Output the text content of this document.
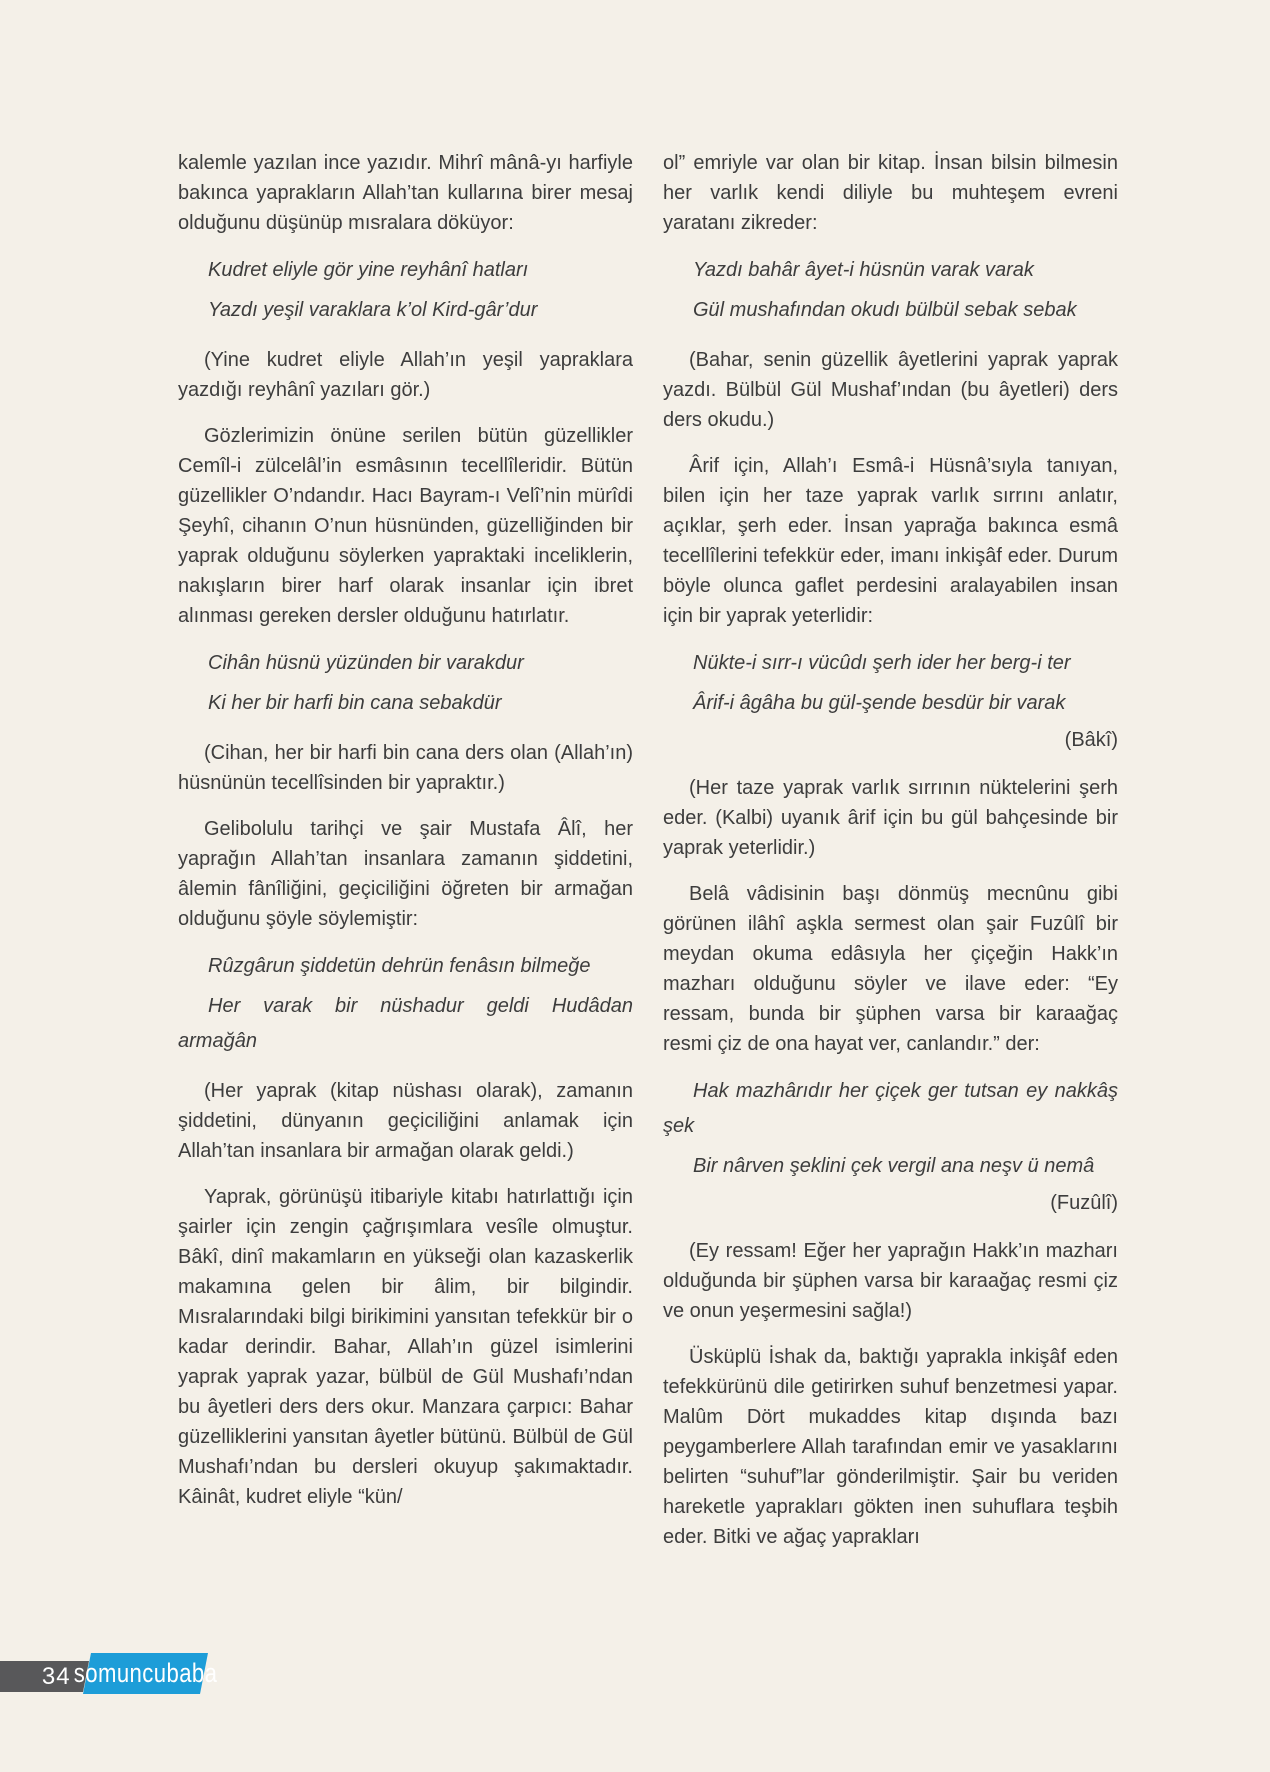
kalemle yazılan ince yazıdır. Mihrî mânâ-yı harfiyle bakınca yaprakların Allah’tan kullarına birer mesaj olduğunu düşünüp mısralara döküyor:

Kudret eliyle gör yine reyhânî hatları

Yazdı yeşil varaklara k’ol Kird-gâr’dur

(Yine kudret eliyle Allah’ın yeşil yapraklara yazdığı reyhânî yazıları gör.)

Gözlerimizin önüne serilen bütün güzellikler Cemîl-i zülcelâl’in esmâsının tecellîleridir. Bütün güzellikler O’ndandır. Hacı Bayram-ı Velî’nin mürîdi Şeyhî, cihanın O’nun hüsnünden, güzelliğinden bir yaprak olduğunu söylerken yapraktaki inceliklerin, nakışların birer harf olarak insanlar için ibret alınması gereken dersler olduğunu hatırlatır.

Cihân hüsnü yüzünden bir varakdur

Ki her bir harfi bin cana sebakdür

(Cihan, her bir harfi bin cana ders olan (Allah’ın) hüsnünün tecellîsinden bir yapraktır.)

Gelibolulu tarihçi ve şair Mustafa Âlî, her yaprağın Allah’tan insanlara zamanın şiddetini, âlemin fânîliğini, geçiciliğini öğreten bir armağan olduğunu şöyle söylemiştir:

Rûzgârun şiddetün dehrün fenâsın bilmeğe

Her varak bir nüshadur geldi Hudâdan

armağân

(Her yaprak (kitap nüshası olarak), zamanın şiddetini, dünyanın geçiciliğini anlamak için Allah’tan insanlara bir armağan olarak geldi.)

Yaprak, görünüşü itibariyle kitabı hatırlattığı için şairler için zengin çağrışımlara vesîle olmuştur. Bâkî, dinî makamların en yükseği olan kazaskerlik makamına gelen bir âlim, bir bilgindir. Mısralarındaki bilgi birikimini yansıtan tefekkür bir o kadar derindir. Bahar, Allah’ın güzel isimlerini yaprak yaprak yazar, bülbül de Gül Mushafı’ndan bu âyetleri ders ders okur. Manzara çarpıcı: Bahar güzelliklerini yansıtan âyetler bütünü. Bülbül de Gül Mushafı’ndan bu dersleri okuyup şakımaktadır. Kâinât, kudret eliyle “kün/

ol” emriyle var olan bir kitap. İnsan bilsin bilmesin her varlık kendi diliyle bu muhteşem evreni yaratanı zikreder:

Yazdı bahâr âyet-i hüsnün varak varak

Gül mushafından okudı bülbül sebak sebak

(Bahar, senin güzellik âyetlerini yaprak yaprak yazdı. Bülbül Gül Mushaf’ından (bu âyetleri) ders ders okudu.)

Ârif için, Allah’ı Esmâ-i Hüsnâ’sıyla tanıyan, bilen için her taze yaprak varlık sırrını anlatır, açıklar, şerh eder. İnsan yaprağa bakınca esmâ tecellîlerini tefekkür eder, imanı inkişâf eder. Durum böyle olunca gaflet perdesini aralayabilen insan için bir yaprak yeterlidir:

Nükte-i sırr-ı vücûdı şerh ider her berg-i ter

Ârif-i âgâha bu gül-şende besdür bir varak

(Bâkî)

(Her taze yaprak varlık sırrının nüktelerini şerh eder. (Kalbi) uyanık ârif için bu gül bahçesinde bir yaprak yeterlidir.)

Belâ vâdisinin başı dönmüş mecnûnu gibi görünen ilâhî aşkla sermest olan şair Fuzûlî bir meydan okuma edâsıyla her çiçeğin Hakk’ın mazharı olduğunu söyler ve ilave eder: “Ey ressam, bunda bir şüphen varsa bir karaağaç resmi çiz de ona hayat ver, canlandır.” der:

Hak mazhârıdır her çiçek ger tutsan ey nakkâş

şek

Bir nârven şeklini çek vergil ana neşv ü nemâ

(Fuzûlî)

(Ey ressam! Eğer her yaprağın Hakk’ın mazharı olduğunda bir şüphen varsa bir karaağaç resmi çiz ve onun yeşermesini sağla!)

Üsküplü İshak da, baktığı yaprakla inkişâf eden tefekkürünü dile getirirken suhuf benzetmesi yapar. Malûm Dört mukaddes kitap dışında bazı peygamberlere Allah tarafından emir ve yasaklarını belirten “suhuf”lar gönderilmiştir. Şair bu veriden hareketle yaprakları gökten inen suhuflara teşbih eder. Bitki ve ağaç yaprakları

34 somuncubaba
